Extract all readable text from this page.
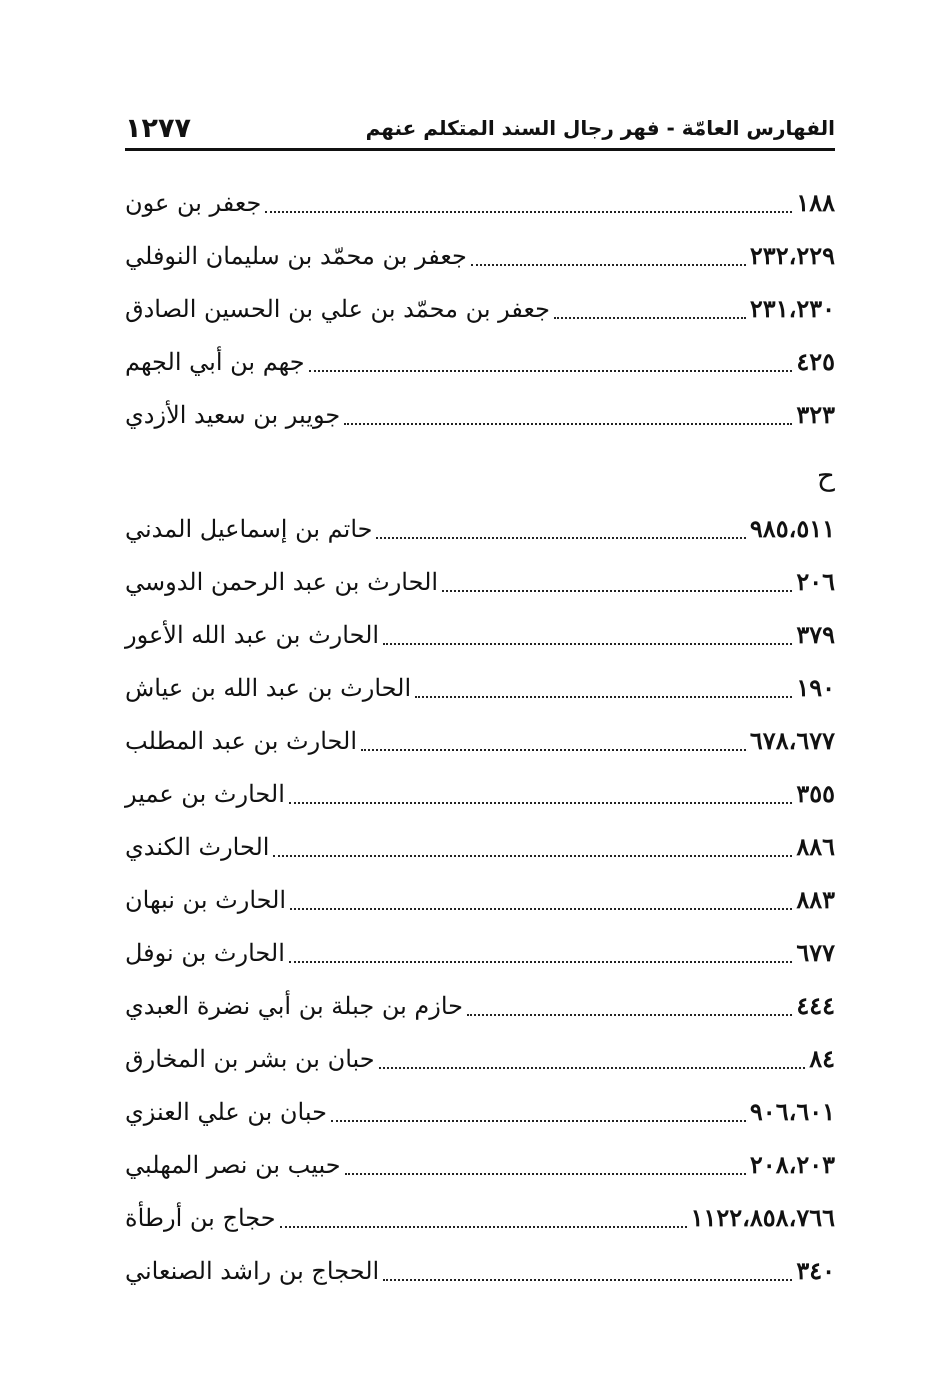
١٢٧٧	الفهارس العامّة - فهر رجال السند المتكلم عنهم
جعفر بن عون	١٨٨
جعفر بن محمّد بن سليمان النوفلي	٢٣٢،٢٢٩
جعفر بن محمّد بن علي بن الحسين الصادق	٢٣١،٢٣٠
جهم بن أبي الجهم	٤٢٥
جويبر بن سعيد الأزدي	٣٢٣
ح
حاتم بن إسماعيل المدني	٩٨٥،٥١١
الحارث بن عبد الرحمن الدوسي	٢٠٦
الحارث بن عبد الله الأعور	٣٧٩
الحارث بن عبد الله بن عياش	١٩٠
الحارث بن عبد المطلب	٦٧٨،٦٧٧
الحارث بن عمير	٣٥٥
الحارث الكندي	٨٨٦
الحارث بن نبهان	٨٨٣
الحارث بن نوفل	٦٧٧
حازم بن جبلة بن أبي نضرة العبدي	٤٤٤
حبان بن بشر بن المخارق	٨٤
حبان بن علي العنزي	٩٠٦،٦٠١
حبيب بن نصر المهلبي	٢٠٨،٢٠٣
حجاج بن أرطأة	١١٢٢،٨٥٨،٧٦٦
الحجاج بن راشد الصنعاني	٣٤٠
